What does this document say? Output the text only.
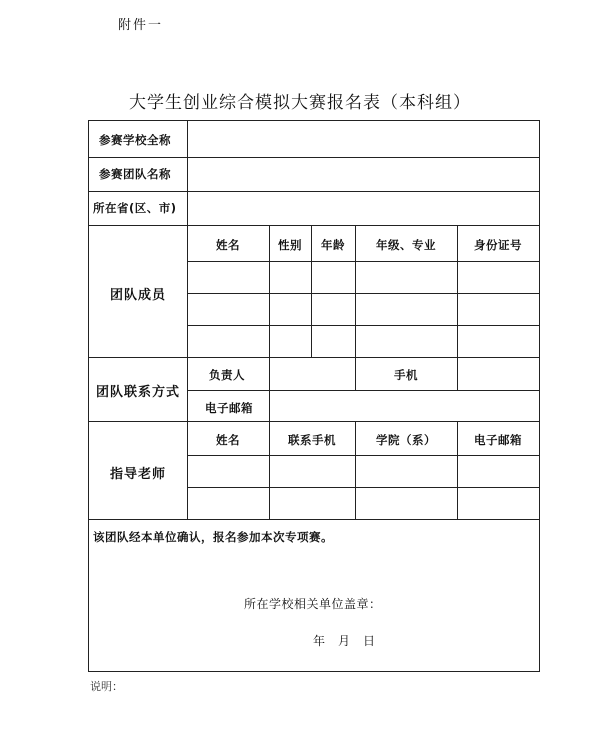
附件一
大学生创业综合模拟大赛报名表（本科组）
参赛学校全称
参赛团队名称
所在省(区、市)
团队成员
姓名	性别	年龄	年级、专业	身份证号
团队联系方式
负责人	手机
电子邮箱
指导老师
姓名	联系手机	学院（系）	电子邮箱
该团队经本单位确认，报名参加本次专项赛。
所在学校相关单位盖章：
年　月　日
说明：
